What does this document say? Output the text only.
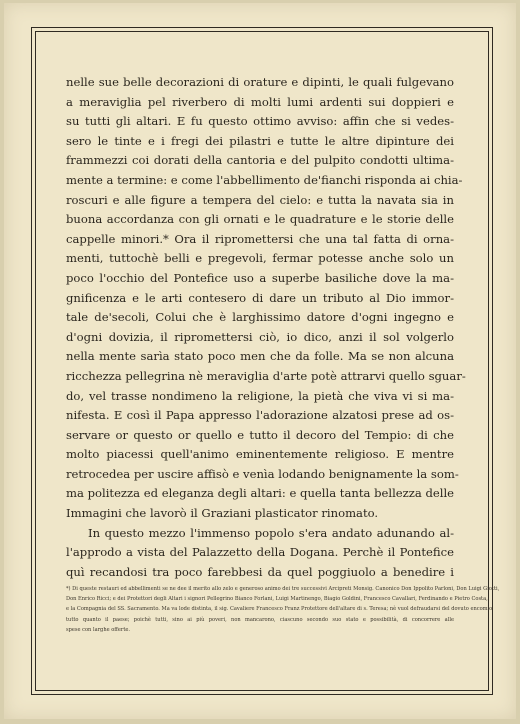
nelle sue belle decorazioni di orature e dipinti, le quali fulgevano
a meraviglia pel riverbero di molti lumi ardenti sui doppieri e
su tutti gli altari. E fu questo ottimo avviso: affin che si vedes-
sero le tinte e i fregi dei pilastri e tutte le altre dipinture dei
frammezzi coi dorati della cantoria e del pulpito condotti ultima-
mente a termine: e come l'abbellimento de'fianchi risponda ai chia-
roscuri e alle figure a tempera del cielo: e tutta la navata sia in
buona accordanza con gli ornati e le quadrature e le storie delle
cappelle minori.* Ora il ripromettersi che una tal fatta di orna-
menti, tuttochè belli e pregevoli, fermar potesse anche solo un
poco l'occhio del Pontefice uso a superbe basiliche dove la ma-
gnificenza e le arti contesero di dare un tributo al Dio immor-
tale de'secoli, Colui che è larghissimo datore d'ogni ingegno e
d'ogni dovizia, il ripromettersi ciò, io dico, anzi il sol volgerlo
nella mente sarìa stato poco men che da folle. Ma se non alcuna
ricchezza pellegrina nè meraviglia d'arte potè attrarvi quello sguar-
do, vel trasse nondimeno la religione, la pietà che viva vi si ma-
nifesta. E così il Papa appresso l'adorazione alzatosi prese ad os-
servare or questo or quello e tutto il decoro del Tempio: di che
molto piacessi quell'animo eminentemente religioso. E mentre
retrocedea per uscire affisò e venìa lodando benignamente la som-
ma politezza ed eleganza degli altari: e quella tanta bellezza delle
Immagini che lavorò il Graziani plasticator rinomato.
In questo mezzo l'immenso popolo s'era andato adunando al-
l'approdo a vista del Palazzetto della Dogana. Perchè il Pontefice
quì recandosi tra poco farebbesi da quel poggiuolo a benedire i
*) Di queste restauri ed abbellimenti se ne dee il merito allo zelo e generoso animo dei tre successivi Arcipreti Monsig. Canonico Don Ippolito Parloni, Don Luigi Giotti,
Don Enrico Ricci; e dei Protettori degli Altari i signori Pellegrino Bianco Forlani, Luigi Martinengo, Biagio Goldini, Francesco Cavallari, Ferdinando e Pietro Costa,
e la Compagnia del SS. Sacramento. Ma va lode distinta, il sig. Cavaliere Francesco Franz Protettore dell'altare di s. Teresa; nè vuol defraudarsi del dovuto encomio
tutto quanto il paese; poichè tutti, sino ai più poveri, non mancarono, ciascuno secondo suo stato e possibilità, di concorrere alle
spese con larghe offerte.
